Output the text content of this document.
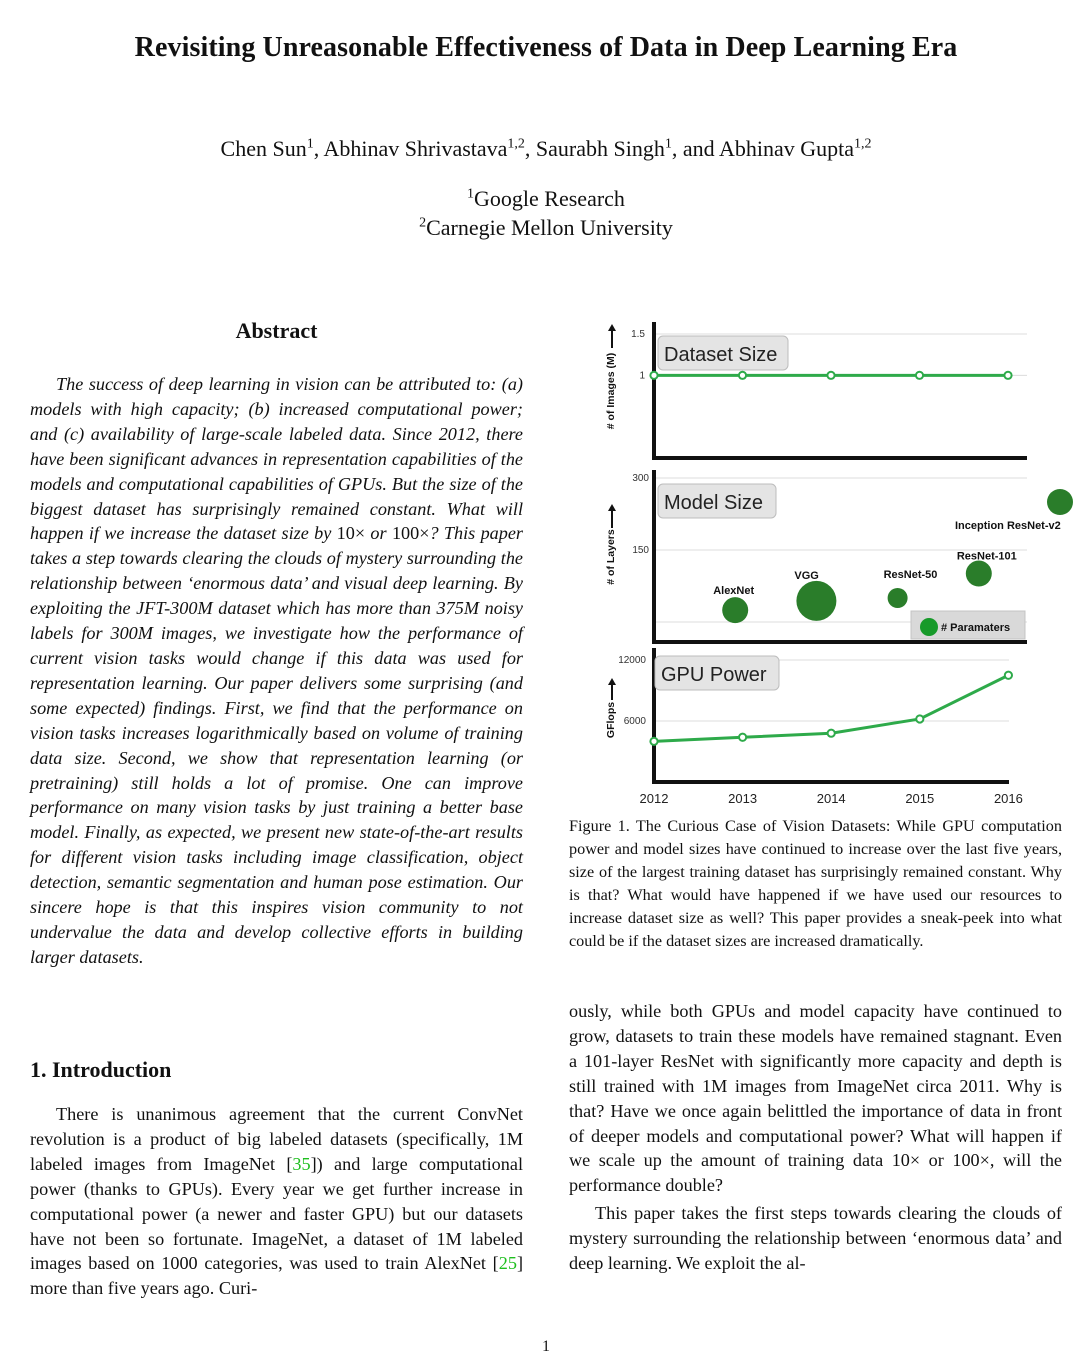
Revisiting Unreasonable Effectiveness of Data in Deep Learning Era
Chen Sun$^1$, Abhinav Shrivastava$^{1,2}$, Saurabh Singh$^1$, and Abhinav Gupta$^{1,2}$
$^1$Google Research
$^2$Carnegie Mellon University
Abstract
The success of deep learning in vision can be attributed to: (a) models with high capacity; (b) increased computational power; and (c) availability of large-scale labeled data. Since 2012, there have been significant advances in representation capabilities of the models and computational capabilities of GPUs. But the size of the biggest dataset has surprisingly remained constant. What will happen if we increase the dataset size by 10× or 100×? This paper takes a step towards clearing the clouds of mystery surrounding the relationship between ‘enormous data’ and visual deep learning. By exploiting the JFT-300M dataset which has more than 375M noisy labels for 300M images, we investigate how the performance of current vision tasks would change if this data was used for representation learning. Our paper delivers some surprising (and some expected) findings. First, we find that the performance on vision tasks increases logarithmically based on volume of training data size. Second, we show that representation learning (or pretraining) still holds a lot of promise. One can improve performance on many vision tasks by just training a better base model. Finally, as expected, we present new state-of-the-art results for different vision tasks including image classification, object detection, semantic segmentation and human pose estimation. Our sincere hope is that this inspires vision community to not undervalue the data and develop collective efforts in building larger datasets.
1. Introduction
There is unanimous agreement that the current ConvNet revolution is a product of big labeled datasets (specifically, 1M labeled images from ImageNet [35]) and large computational power (thanks to GPUs). Every year we get further increase in computational power (a newer and faster GPU) but our datasets have not been so fortunate. ImageNet, a dataset of 1M labeled images based on 1000 categories, was used to train AlexNet [25] more than five years ago. Curi-
1.5
1
Dataset Size
# of Images (M)
300
150
Model Size
# of Layers
AlexNet
VGG	ResNet-50
ResNet-101
Inception ResNet-v2
# Paramaters
12000
6000
GPU Power
GFlops
2012	2013	2014	2015	2016
Figure 1. The Curious Case of Vision Datasets: While GPU computation power and model sizes have continued to increase over the last five years, size of the largest training dataset has surprisingly remained constant. Why is that? What would have happened if we have used our resources to increase dataset size as well? This paper provides a sneak-peek into what could be if the dataset sizes are increased dramatically.

ously, while both GPUs and model capacity have continued to grow, datasets to train these models have remained stagnant. Even a 101-layer ResNet with significantly more capacity and depth is still trained with 1M images from ImageNet circa 2011. Why is that? Have we once again belittled the importance of data in front of deeper models and computational power? What will happen if we scale up the amount of training data 10× or 100×, will the performance double?

This paper takes the first steps towards clearing the clouds of mystery surrounding the relationship between ‘enormous data’ and deep learning. We exploit the al-

1
